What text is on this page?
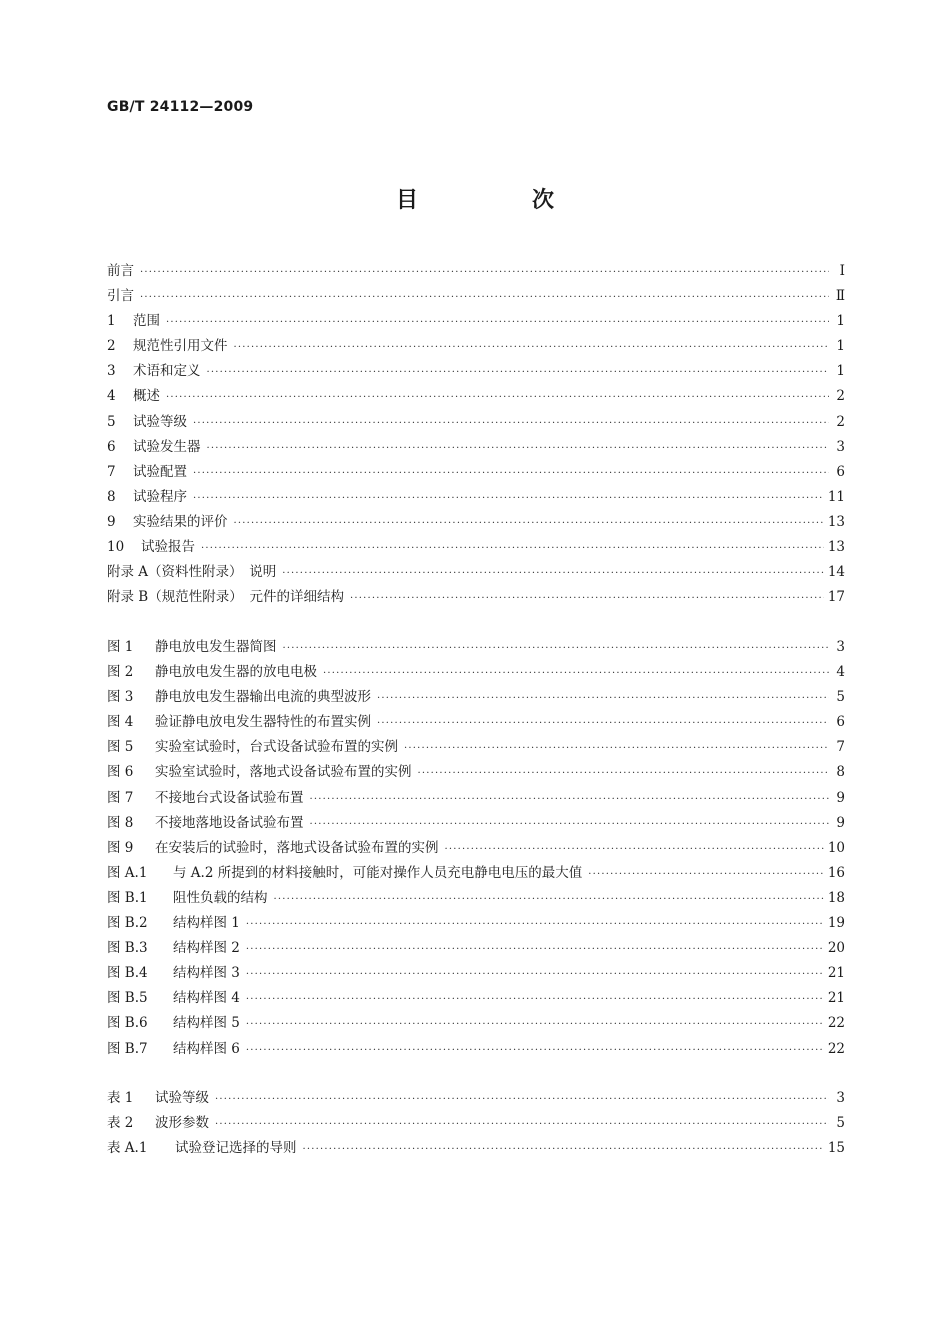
GB/T 24112—2009
目　次
前言 ·····	Ⅰ
引言 ·····	Ⅱ
1	范围 ·····	1
2	规范性引用文件 ·····	1
3	术语和定义 ·····	1
4	概述 ·····	2
5	试验等级 ·····	2
6	试验发生器 ·····	3
7	试验配置 ·····	6
8	试验程序 ·····	11
9	实验结果的评价 ·····	13
10	试验报告 ·····	13
附录 A（资料性附录）　说明 ·····	14
附录 B（规范性附录）　元件的详细结构 ·····	17
图 1	静电放电发生器简图 ·····	3
图 2	静电放电发生器的放电电极 ·····	4
图 3	静电放电发生器输出电流的典型波形 ·····	5
图 4	验证静电放电发生器特性的布置实例 ·····	6
图 5	实验室试验时，台式设备试验布置的实例 ·····	7
图 6	实验室试验时，落地式设备试验布置的实例 ·····	8
图 7	不接地台式设备试验布置 ·····	9
图 8	不接地落地设备试验布置 ·····	9
图 9	在安装后的试验时，落地式设备试验布置的实例 ·····	10
图 A.1	与 A.2 所提到的材料接触时，可能对操作人员充电静电电压的最大值 ·····	16
图 B.1	阻性负载的结构 ·····	18
图 B.2	结构样图 1 ·····	19
图 B.3	结构样图 2 ·····	20
图 B.4	结构样图 3 ·····	21
图 B.5	结构样图 4 ·····	21
图 B.6	结构样图 5 ·····	22
图 B.7	结构样图 6 ·····	22
表 1	试验等级 ·····	3
表 2	波形参数 ·····	5
表 A.1	试验登记选择的导则 ·····	15
